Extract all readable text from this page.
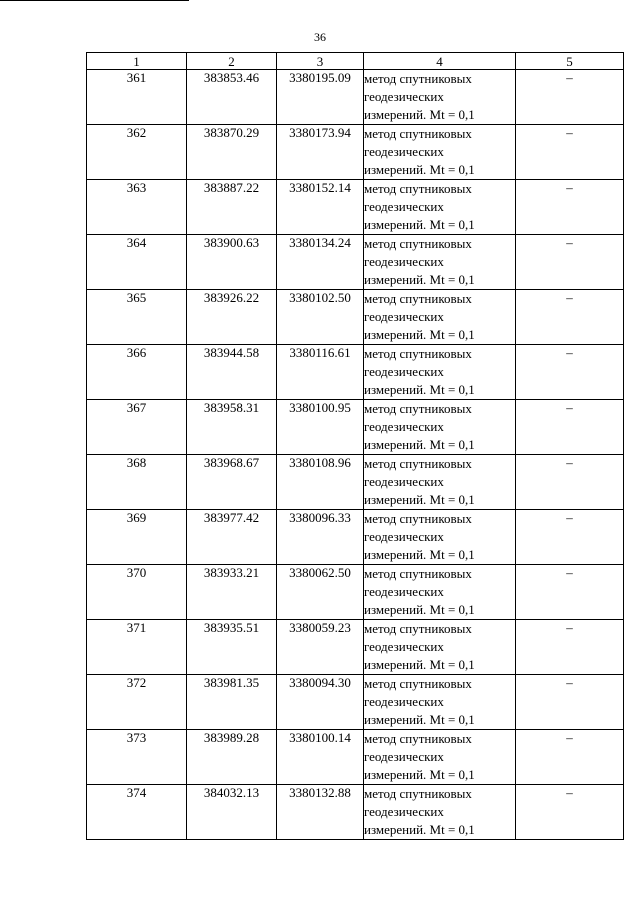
36
1	2	3	4	5
361	383853.46	3380195.09	метод спутниковых
геодезических
измерений. Mt = 0,1	–
362	383870.29	3380173.94	метод спутниковых
геодезических
измерений. Mt = 0,1	–
363	383887.22	3380152.14	метод спутниковых
геодезических
измерений. Mt = 0,1	–
364	383900.63	3380134.24	метод спутниковых
геодезических
измерений. Mt = 0,1	–
365	383926.22	3380102.50	метод спутниковых
геодезических
измерений. Mt = 0,1	–
366	383944.58	3380116.61	метод спутниковых
геодезических
измерений. Mt = 0,1	–
367	383958.31	3380100.95	метод спутниковых
геодезических
измерений. Mt = 0,1	–
368	383968.67	3380108.96	метод спутниковых
геодезических
измерений. Mt = 0,1	–
369	383977.42	3380096.33	метод спутниковых
геодезических
измерений. Mt = 0,1	–
370	383933.21	3380062.50	метод спутниковых
геодезических
измерений. Mt = 0,1	–
371	383935.51	3380059.23	метод спутниковых
геодезических
измерений. Mt = 0,1	–
372	383981.35	3380094.30	метод спутниковых
геодезических
измерений. Mt = 0,1	–
373	383989.28	3380100.14	метод спутниковых
геодезических
измерений. Mt = 0,1	–
374	384032.13	3380132.88	метод спутниковых
геодезических
измерений. Mt = 0,1	–
